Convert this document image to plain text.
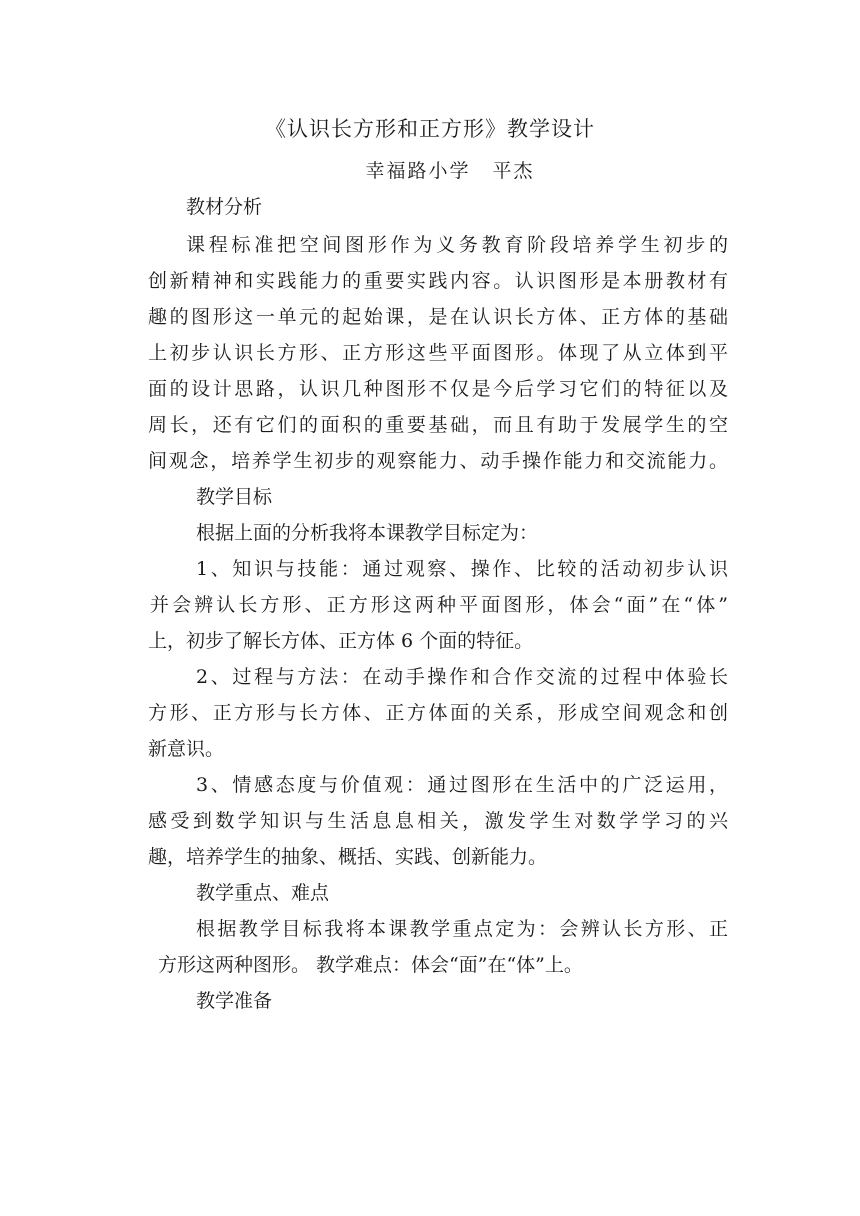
《认识长方形和正方形》教学设计
幸福路小学 平杰
教材分析
课程标准把空间图形作为义务教育阶段培养学生初步的
创新精神和实践能力的重要实践内容。认识图形是本册教材有
趣的图形这一单元的起始课，是在认识长方体、正方体的基础
上初步认识长方形、正方形这些平面图形。体现了从立体到平
面的设计思路，认识几种图形不仅是今后学习它们的特征以及
周长，还有它们的面积的重要基础，而且有助于发展学生的空
间观念，培养学生初步的观察能力、动手操作能力和交流能力。
教学目标
根据上面的分析我将本课教学目标定为：
1、知识与技能：通过观察、操作、比较的活动初步认识
并会辨认长方形、正方形这两种平面图形，体会“面”在“体”
上，初步了解长方体、正方体 6 个面的特征。
2、过程与方法：在动手操作和合作交流的过程中体验长
方形、正方形与长方体、正方体面的关系，形成空间观念和创
新意识。
3、情感态度与价值观：通过图形在生活中的广泛运用，
感受到数学知识与生活息息相关，激发学生对数学学习的兴
趣，培养学生的抽象、概括、实践、创新能力。
教学重点、难点
根据教学目标我将本课教学重点定为：会辨认长方形、正
方形这两种图形。 教学难点：体会“面”在“体”上。
教学准备
